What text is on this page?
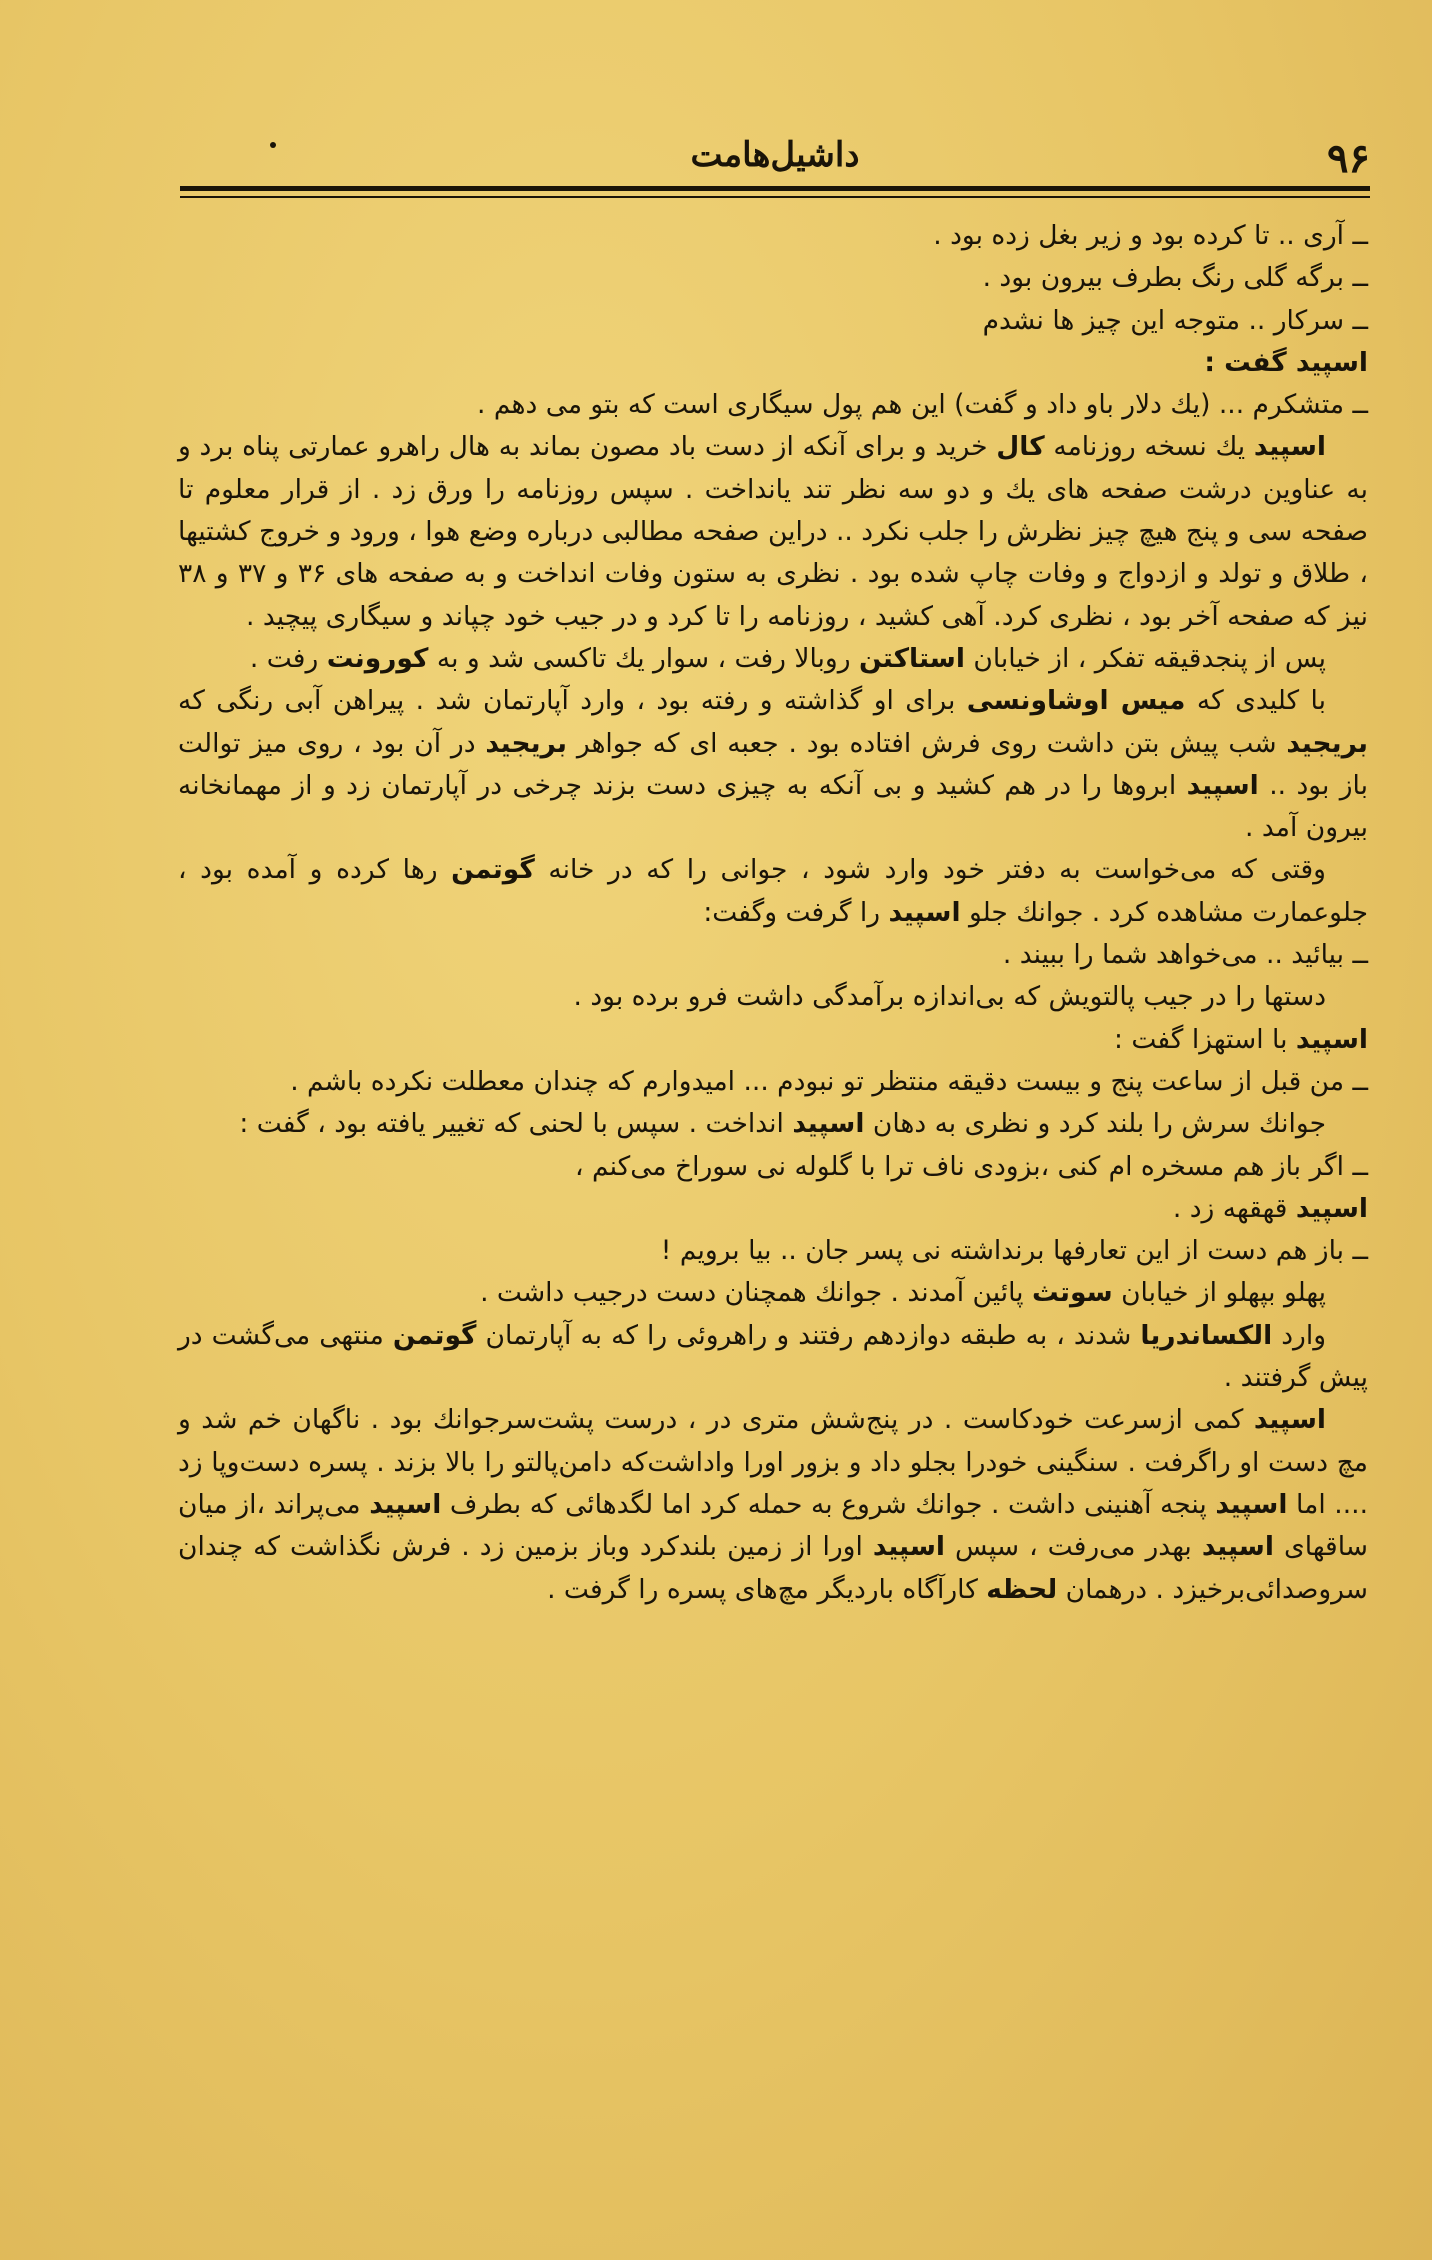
۹۶
داشیل‌هامت

ــ آری .. تا کرده بود و زیر بغل زده بود .

ــ برگه گلی رنگ بطرف بیرون بود .

ــ سرکار .. متوجه این چیز ها نشدم

اسپید گفت :

ــ متشکرم ... (یك دلار باو داد و گفت) این هم پول سیگاری است که بتو می دهم .

اسپید یك نسخه روزنامه کال خرید و برای آنکه از دست باد مصون بماند به هال راهرو عمارتی پناه برد و به عناوین درشت صفحه های یك و دو سه نظر تند یانداخت . سپس روزنامه را ورق زد . از قرار معلوم تا صفحه سی و پنج هیچ چیز نظرش را جلب نکرد .. دراین صفحه مطالبی درباره وضع هوا ، ورود و خروج کشتیها ، طلاق و تولد و ازدواج و وفات چاپ شده بود . نظری به ستون وفات انداخت و به صفحه های ۳۶ و ۳۷ و ۳۸ نیز که صفحه آخر بود ، نظری کرد. آهی کشید ، روزنامه را تا کرد و در جیب خود چپاند و سیگاری پیچید .

پس از پنجدقیقه تفکر ، از خیابان استاکتن روبالا رفت ، سوار یك تاکسی شد و به کورونت رفت .

با کلیدی که میس اوشاونسی برای او گذاشته و رفته بود ، وارد آپارتمان شد . پیراهن آبی رنگی که بریجید شب پیش بتن داشت روی فرش افتاده بود . جعبه ای که جواهر بریجید در آن بود ، روی میز توالت باز بود .. اسپید ابروها را در هم کشید و بی آنکه به چیزی دست بزند چرخی در آپارتمان زد و از مهمانخانه بیرون آمد .

وقتی که می‌خواست به دفتر خود وارد شود ، جوانی را که در خانه گوتمن رها کرده و آمده بود ، جلوعمارت مشاهده کرد . جوانك جلو اسپید را گرفت وگفت:

ــ بیائید .. می‌خواهد شما را ببیند .

دستها را در جیب پالتویش که بی‌اندازه برآمدگی داشت فرو برده بود .

اسپید با استهزا گفت :

ــ من قبل از ساعت پنج و بیست دقیقه منتظر تو نبودم ... امیدوارم که چندان معطلت نکرده باشم .

جوانك سرش را بلند کرد و نظری به دهان اسپید انداخت . سپس با لحنی که تغییر یافته بود ، گفت :

ــ اگر باز هم مسخره ام کنی ،بزودی ناف ترا با گلوله نی سوراخ می‌کنم ،

اسپید قهقهه زد .

ــ باز هم دست از این تعارفها برنداشته نی پسر جان .. بیا برویم !

پهلو بپهلو از خیابان سوتث پائین آمدند . جوانك همچنان دست درجیب داشت .

وارد الکساندریا شدند ، به طبقه دوازدهم رفتند و راهروئی را که به آپارتمان گوتمن منتهی می‌گشت در پیش گرفتند .

اسپید کمی ازسرعت خودکاست . در پنج‌شش متری در ، درست پشت‌سرجوانك بود . ناگهان خم شد و مچ دست او راگرفت . سنگینی خودرا بجلو داد و بزور اورا واداشت‌که دامن‌پالتو را بالا بزند . پسره دست‌وپا زد .... اما اسپید پنجه آهنینی داشت . جوانك شروع به حمله کرد اما لگدهائی که بطرف اسپید می‌پراند ،از میان ساقهای اسپید بهدر می‌رفت ، سپس اسپید اورا از زمین بلندکرد وباز بزمین زد . فرش نگذاشت که چندان سروصدائی‌برخیزد . درهمان لحظه کارآگاه باردیگر مچ‌های پسره را گرفت .
